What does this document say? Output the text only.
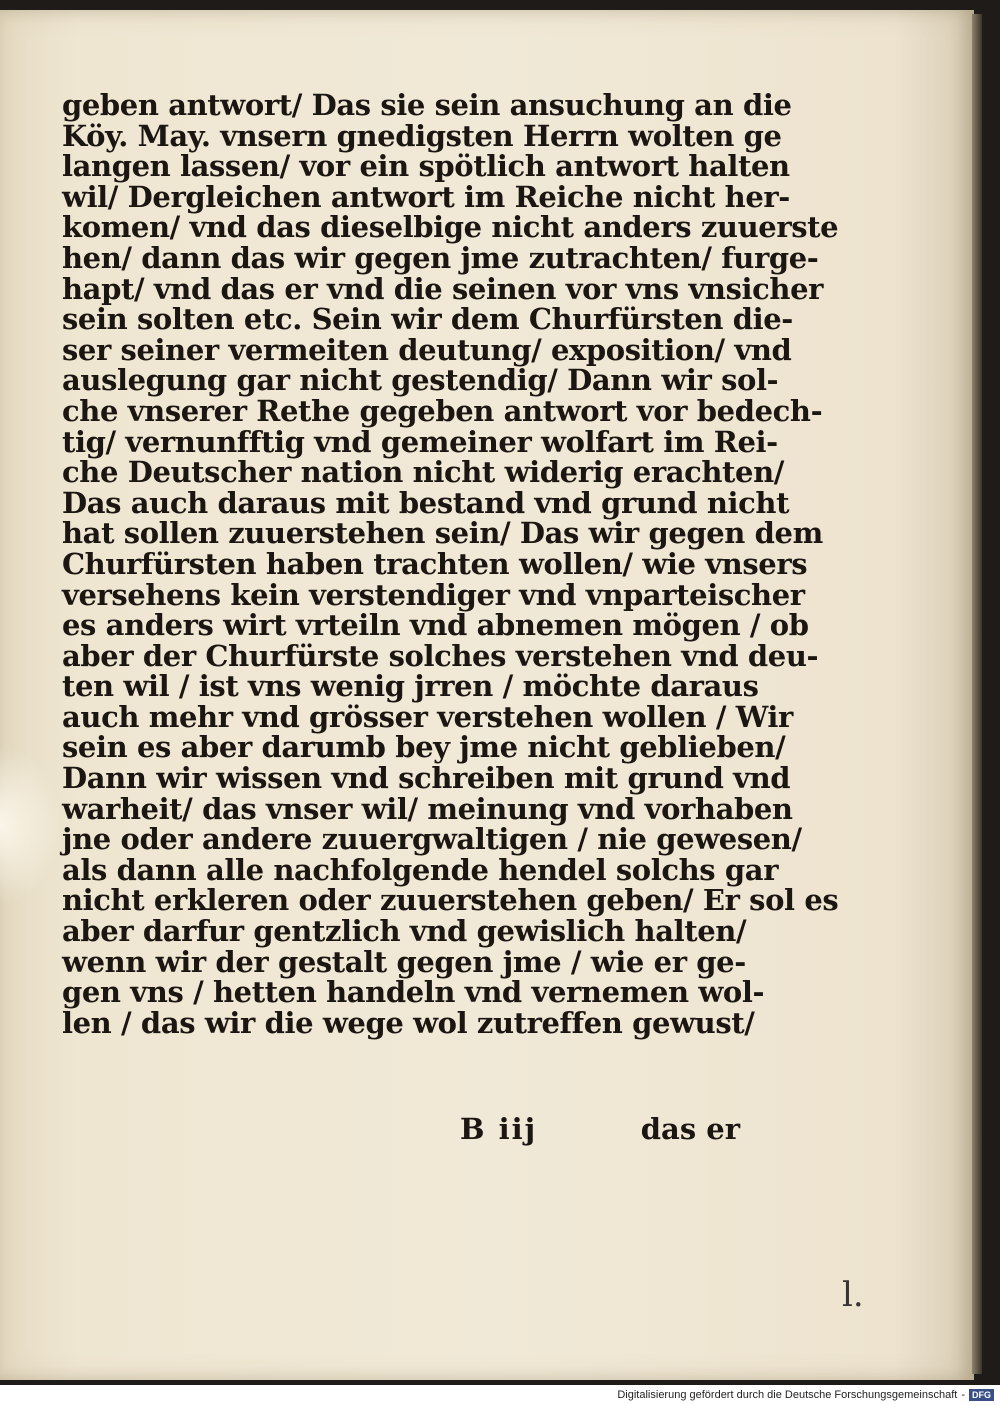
geben antwort/ Das sie sein ansuchung an die
Köy. May. vnsern gnedigsten Herrn wolten ge
langen lassen/ vor ein spötlich antwort halten
wil/ Dergleichen antwort im Reiche nicht her-
komen/ vnd das dieselbige nicht anders zuuerste
hen/ dann das wir gegen jme zutrachten/ furge-
hapt/ vnd das er vnd die seinen vor vns vnsicher
sein solten etc. Sein wir dem Churfürsten die-
ser seiner vermeiten deutung/ exposition/ vnd
auslegung gar nicht gestendig/ Dann wir sol-
che vnserer Rethe gegeben antwort vor bedech-
tig/ vernunfftig vnd gemeiner wolfart im Rei-
che Deutscher nation nicht widerig erachten/
Das auch daraus mit bestand vnd grund nicht
hat sollen zuuerstehen sein/ Das wir gegen dem
Churfürsten haben trachten wollen/ wie vnsers
versehens kein verstendiger vnd vnparteischer
es anders wirt vrteiln vnd abnemen mögen / ob
aber der Churfürste solches verstehen vnd deu-
ten wil / ist vns wenig jrren / möchte daraus
auch mehr vnd grösser verstehen wollen / Wir
sein es aber darumb bey jme nicht geblieben/
Dann wir wissen vnd schreiben mit grund vnd
warheit/ das vnser wil/ meinung vnd vorhaben
jne oder andere zuuergwaltigen / nie gewesen/
als dann alle nachfolgende hendel solchs gar
nicht erkleren oder zuuerstehen geben/ Er sol es
aber darfur gentzlich vnd gewislich halten/
wenn wir der gestalt gegen jme / wie er ge-
gen vns / hetten handeln vnd vernemen wol-
len / das wir die wege wol zutreffen gewust/
B iij	das er
l.
Digitalisierung gefördert durch die Deutsche Forschungsgemeinschaft - DFG
